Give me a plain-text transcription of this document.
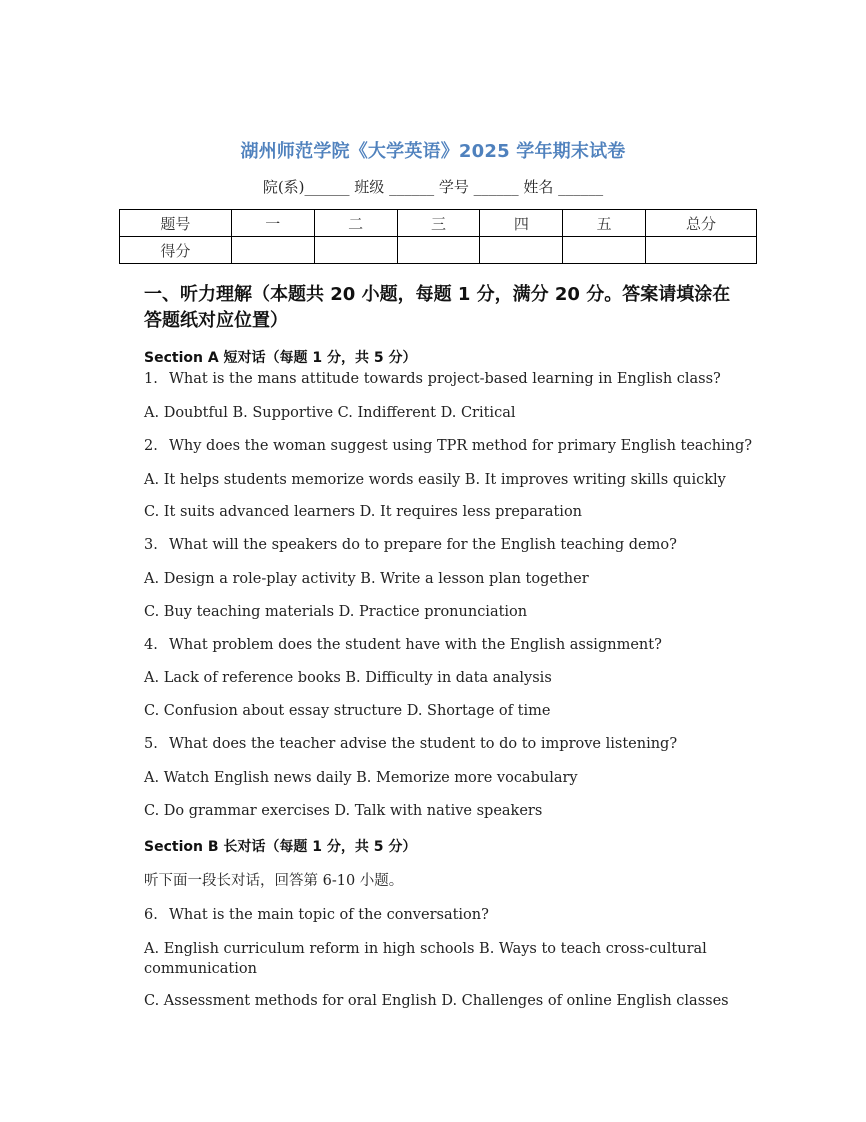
湖州师范学院《大学英语》2025 学年期末试卷
院(系)______ 班级 ______ 学号 ______ 姓名 ______
题号	一	二	三	四	五	总分
得分						
一、听力理解（本题共 20 小题，每题 1 分，满分 20 分。答案请填涂在答题纸对应位置）
Section A 短对话（每题 1 分，共 5 分）
1. What is the mans attitude towards project-based learning in English class?
A. Doubtful B. Supportive C. Indifferent D. Critical
2. Why does the woman suggest using TPR method for primary English teaching?
A. It helps students memorize words easily B. It improves writing skills quickly
C. It suits advanced learners D. It requires less preparation
3. What will the speakers do to prepare for the English teaching demo?
A. Design a role-play activity B. Write a lesson plan together
C. Buy teaching materials D. Practice pronunciation
4. What problem does the student have with the English assignment?
A. Lack of reference books B. Difficulty in data analysis
C. Confusion about essay structure D. Shortage of time
5. What does the teacher advise the student to do to improve listening?
A. Watch English news daily B. Memorize more vocabulary
C. Do grammar exercises D. Talk with native speakers
Section B 长对话（每题 1 分，共 5 分）
听下面一段长对话，回答第 6-10 小题。
6. What is the main topic of the conversation?
A. English curriculum reform in high schools B. Ways to teach cross-cultural communication
C. Assessment methods for oral English D. Challenges of online English classes
